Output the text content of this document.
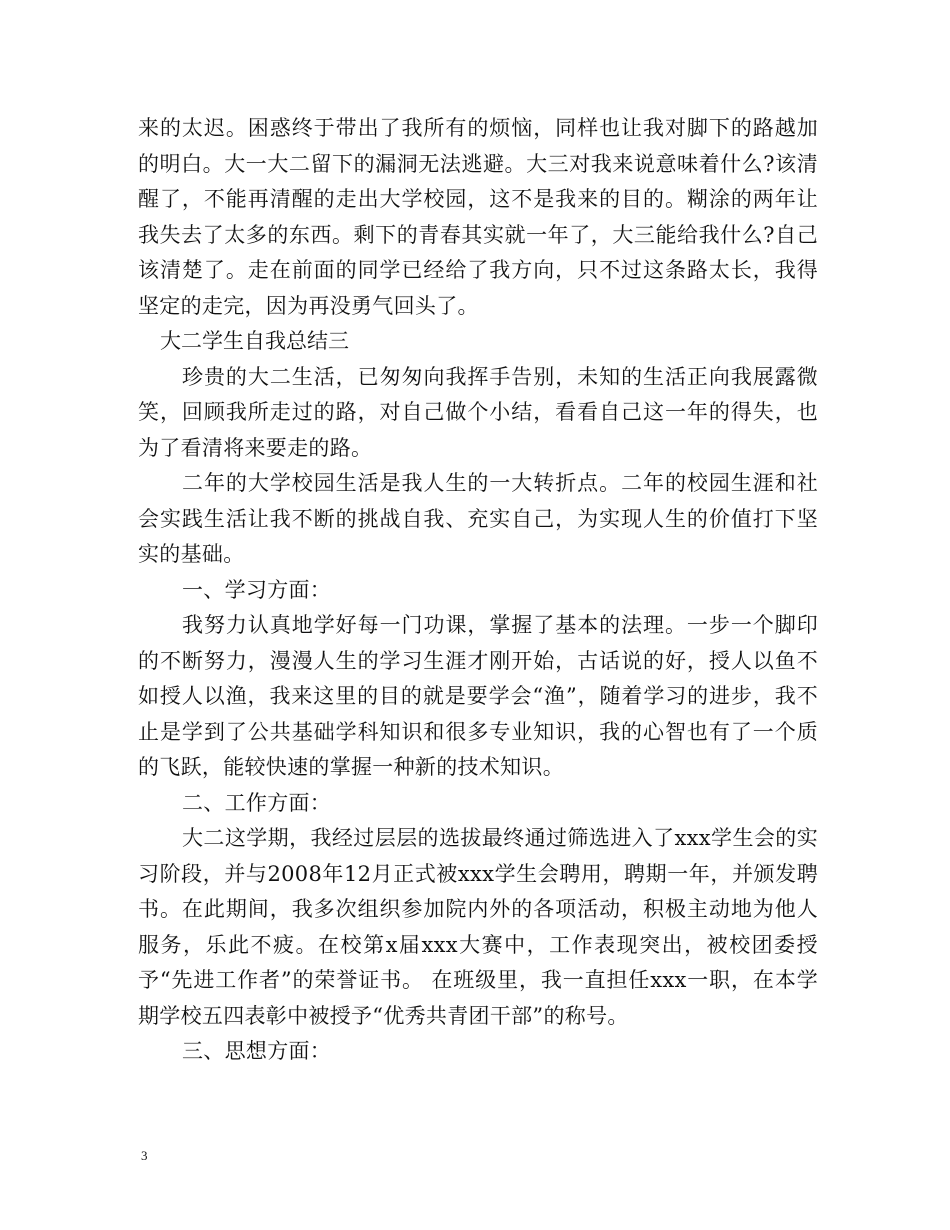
来的太迟。困惑终于带出了我所有的烦恼，同样也让我对脚下的路越加的明白。大一大二留下的漏洞无法逃避。大三对我来说意味着什么?该清醒了，不能再清醒的走出大学校园，这不是我来的目的。糊涂的两年让我失去了太多的东西。剩下的青春其实就一年了，大三能给我什么?自己该清楚了。走在前面的同学已经给了我方向，只不过这条路太长，我得坚定的走完，因为再没勇气回头了。

大二学生自我总结三

珍贵的大二生活，已匆匆向我挥手告别，未知的生活正向我展露微笑，回顾我所走过的路，对自己做个小结，看看自己这一年的得失，也为了看清将来要走的路。

二年的大学校园生活是我人生的一大转折点。二年的校园生涯和社会实践生活让我不断的挑战自我、充实自己，为实现人生的价值打下坚实的基础。

一、学习方面：

我努力认真地学好每一门功课，掌握了基本的法理。一步一个脚印的不断努力，漫漫人生的学习生涯才刚开始，古话说的好，授人以鱼不如授人以渔，我来这里的目的就是要学会“渔”，随着学习的进步，我不止是学到了公共基础学科知识和很多专业知识，我的心智也有了一个质的飞跃，能较快速的掌握一种新的技术知识。

二、工作方面：

大二这学期，我经过层层的选拔最终通过筛选进入了xxx学生会的实习阶段，并与2008年12月正式被xxx学生会聘用，聘期一年，并颁发聘书。在此期间，我多次组织参加院内外的各项活动，积极主动地为他人服务，乐此不疲。在校第x届xxx大赛中，工作表现突出，被校团委授予“先进工作者”的荣誉证书。 在班级里，我一直担任xxx一职，在本学期学校五四表彰中被授予“优秀共青团干部”的称号。

三、思想方面：

3
